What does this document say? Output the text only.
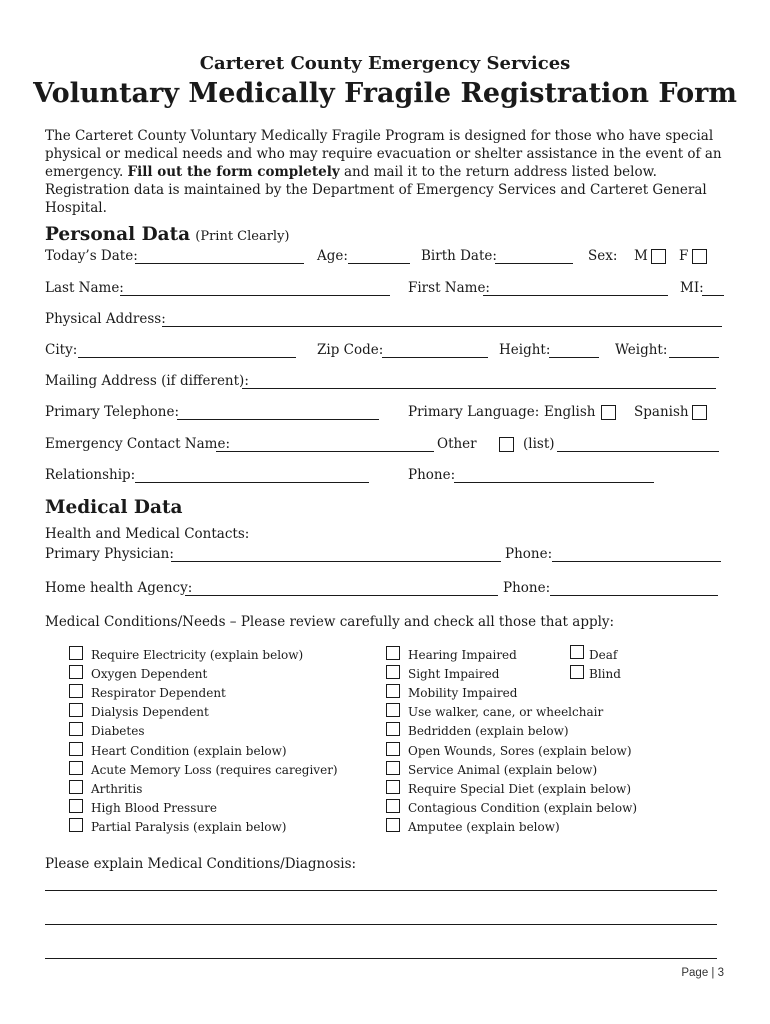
Carteret County Emergency Services
Voluntary Medically Fragile Registration Form
The Carteret County Voluntary Medically Fragile Program is designed for those who have special physical or medical needs and who may require evacuation or shelter assistance in the event of an emergency. Fill out the form completely and mail it to the return address listed below. Registration data is maintained by the Department of Emergency Services and Carteret General Hospital.
Personal Data (Print Clearly)
Today’s Date:	Age:	Birth Date:	Sex: M F
Last Name:	First Name:	MI:
Physical Address:
City:	Zip Code:	Height:	Weight:
Mailing Address (if different):
Primary Telephone:	Primary Language: English	Spanish
Emergency Contact Name:	Other	(list)
Relationship:	Phone:
Medical Data
Health and Medical Contacts:
Primary Physician:	Phone:
Home health Agency:	Phone:
Medical Conditions/Needs – Please review carefully and check all those that apply:
Require Electricity (explain below)
Oxygen Dependent
Respirator Dependent
Dialysis Dependent
Diabetes
Heart Condition (explain below)
Acute Memory Loss (requires caregiver)
Arthritis
High Blood Pressure
Partial Paralysis (explain below)
Hearing Impaired
Sight Impaired
Mobility Impaired
Use walker, cane, or wheelchair
Bedridden (explain below)
Open Wounds, Sores (explain below)
Service Animal (explain below)
Require Special Diet (explain below)
Contagious Condition (explain below)
Amputee (explain below)
Deaf
Blind
Please explain Medical Conditions/Diagnosis:
Page | 3
